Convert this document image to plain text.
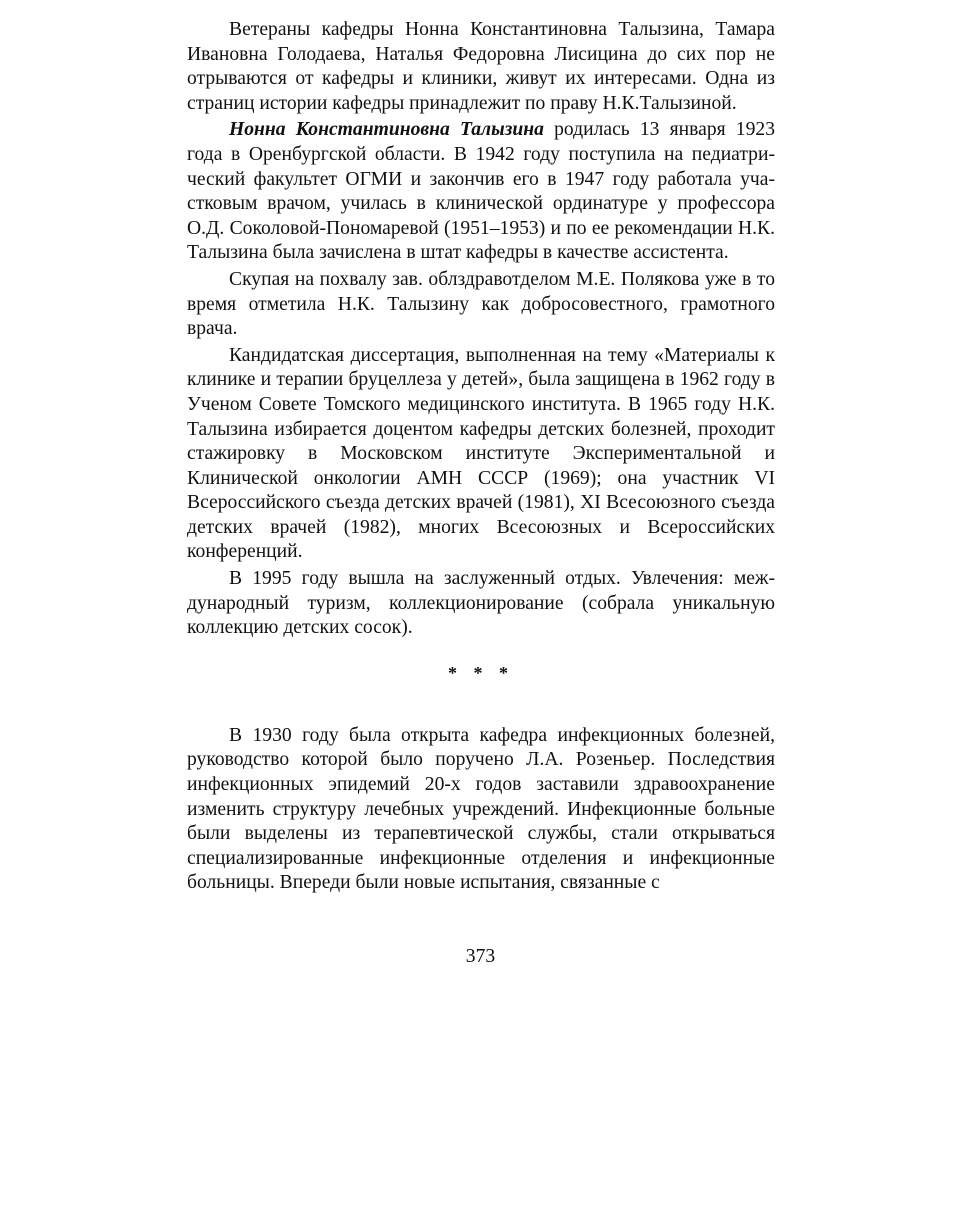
Ветераны кафедры Нонна Константиновна Талызина, Тамара Ивановна Голодаева, Наталья Федоровна Лисицина до сих пор не отрываются от кафедры и клиники, живут их интересами. Одна из страниц истории кафедры принадлежит по праву Н.К.Талызиной.

Нонна Константиновна Талызина родилась 13 января 1923 года в Оренбургской области. В 1942 году поступила на педиатрический факультет ОГМИ и закончив его в 1947 году работала участковым врачом, училась в клинической ординатуре у профессора О.Д. Соколовой-Пономаревой (1951–1953) и по ее рекомендации Н.К. Талызина была зачислена в штат кафедры в качестве ассистента.

Скупая на похвалу зав. облздравотделом М.Е. Полякова уже в то время отметила Н.К. Талызину как добросовестного, грамотного врача.

Кандидатская диссертация, выполненная на тему «Материалы к клинике и терапии бруцеллеза у детей», была защищена в 1962 году в Ученом Совете Томского медицинского института. В 1965 году Н.К. Талызина избирается доцентом кафедры детских болезней, проходит стажировку в Московском институте Экспериментальной и Клинической онкологии АМН СССР (1969); она участник VI Всероссийского съезда детских врачей (1981), XI Всесоюзного съезда детских врачей (1982), многих Всесоюзных и Всероссийских конференций.

В 1995 году вышла на заслуженный отдых. Увлечения: международный туризм, коллекционирование (собрала уникальную коллекцию детских сосок).

* * *

В 1930 году была открыта кафедра инфекционных болезней, руководство которой было поручено Л.А. Розеньер. Последствия инфекционных эпидемий 20-х годов заставили здравоохранение изменить структуру лечебных учреждений. Инфекционные больные были выделены из терапевтической службы, стали открываться специализированные инфекционные отделения и инфекционные больницы. Впереди были новые испытания, связанные с

373
